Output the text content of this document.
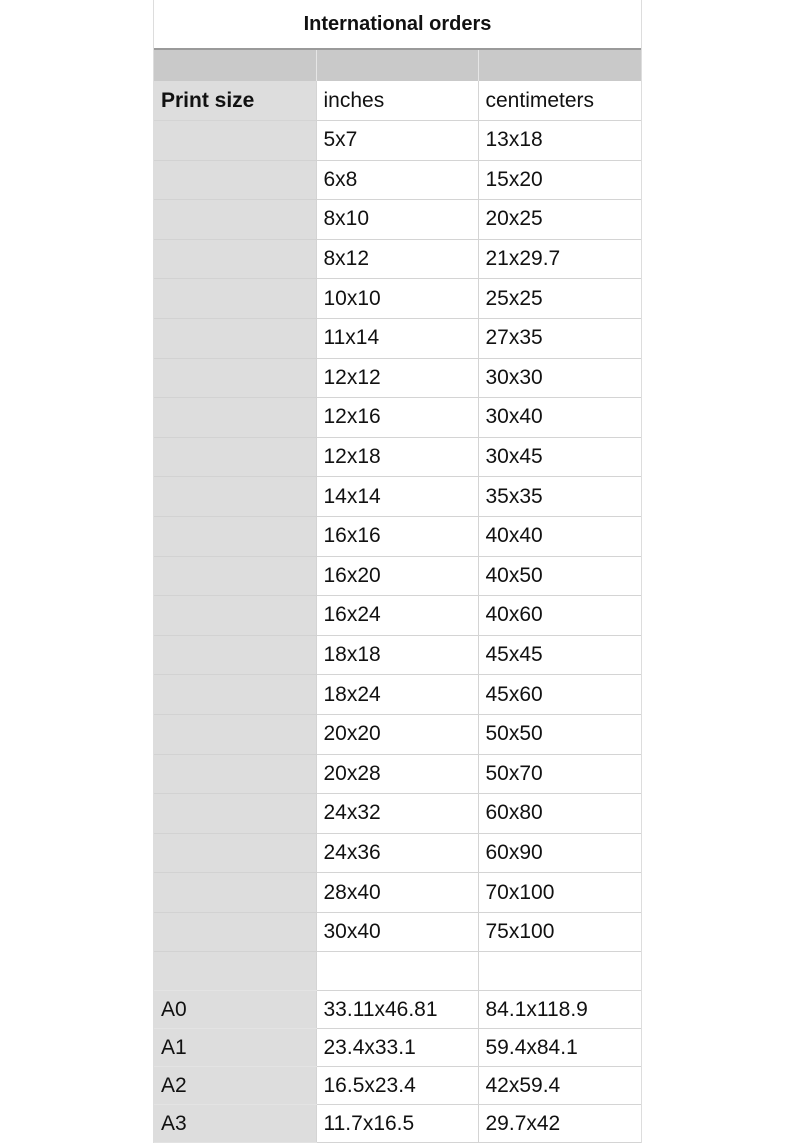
International orders

Print size	inches	centimeters
	5x7	13x18
	6x8	15x20
	8x10	20x25
	8x12	21x29.7
	10x10	25x25
	11x14	27x35
	12x12	30x30
	12x16	30x40
	12x18	30x45
	14x14	35x35
	16x16	40x40
	16x20	40x50
	16x24	40x60
	18x18	45x45
	18x24	45x60
	20x20	50x50
	20x28	50x70
	24x32	60x80
	24x36	60x90
	28x40	70x100
	30x40	75x100

A0	33.11x46.81	84.1x118.9
A1	23.4x33.1	59.4x84.1
A2	16.5x23.4	42x59.4
A3	11.7x16.5	29.7x42
